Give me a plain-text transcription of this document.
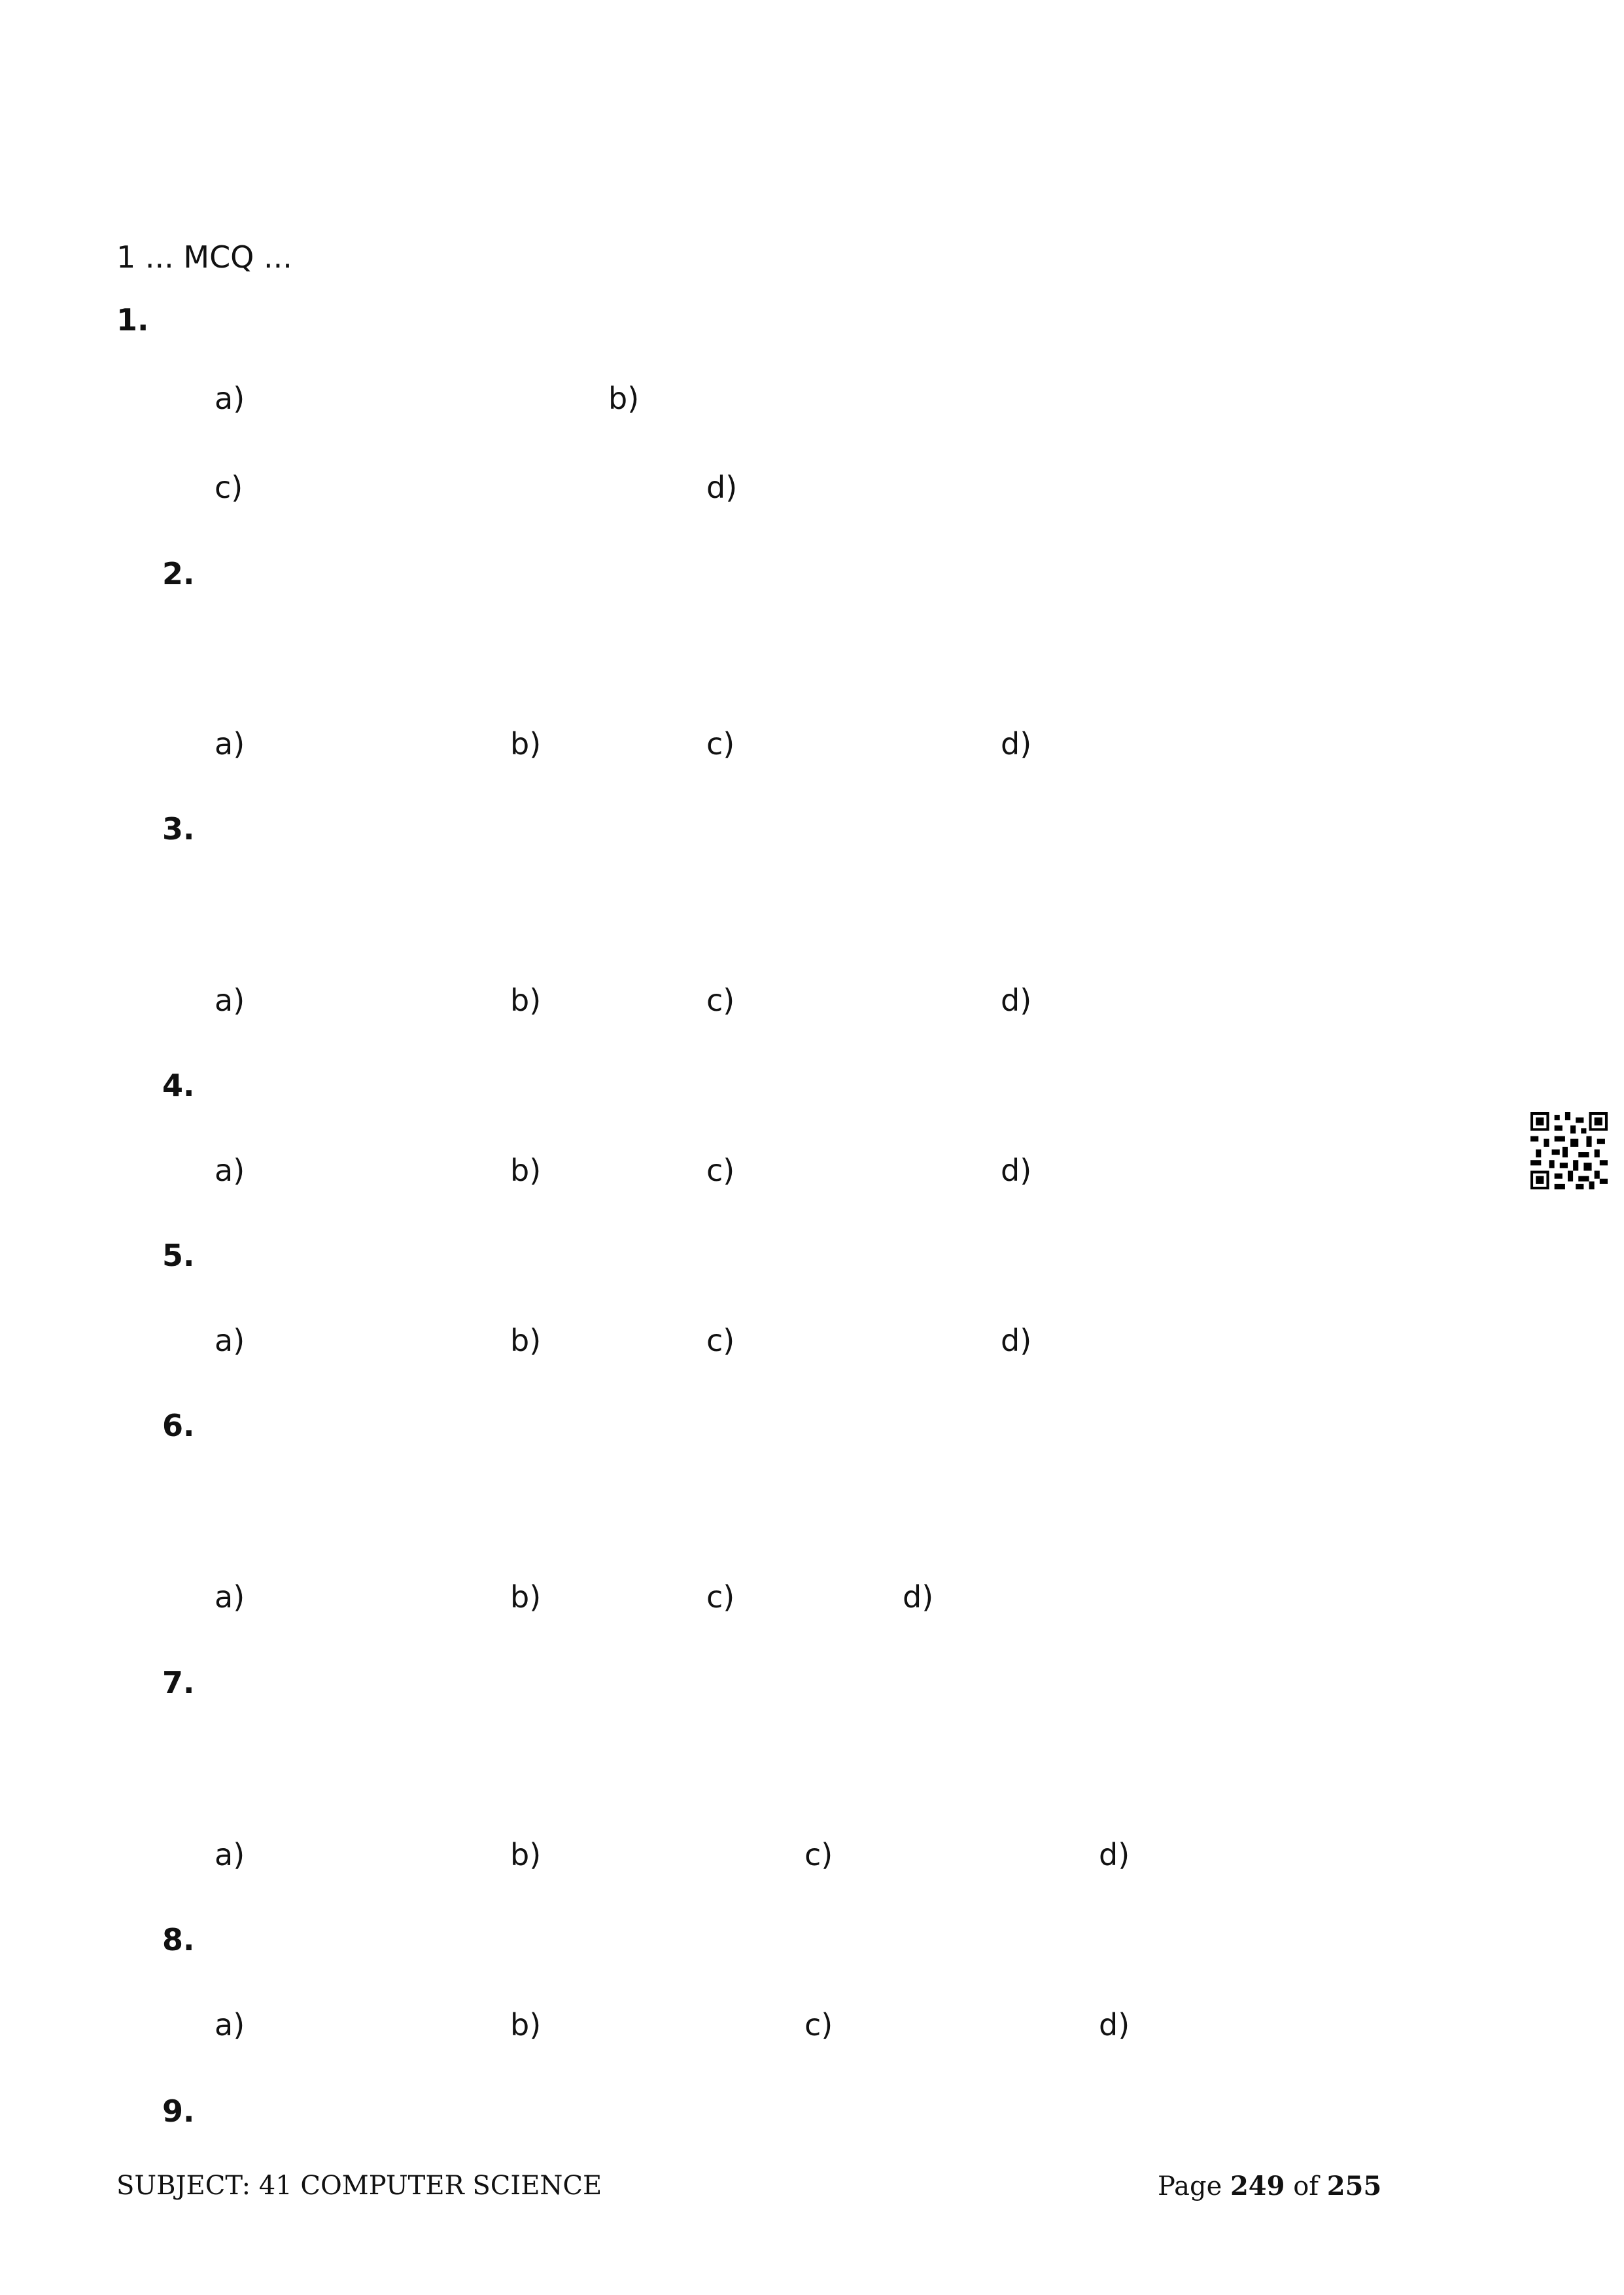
1 ... MCQ ...
1.
a)	b)
c)	d)
2.
a)	b)	c)	d)
3.
a)	b)	c)	d)
4.
a)	b)	c)	d)
5.
a)	b)	c)	d)
6.
a)	b)	c)	d)
7.
a)	b)	c)	d)
8.
a)	b)	c)	d)
9.
SUBJECT: 41 COMPUTER SCIENCE	Page 249 of 255
